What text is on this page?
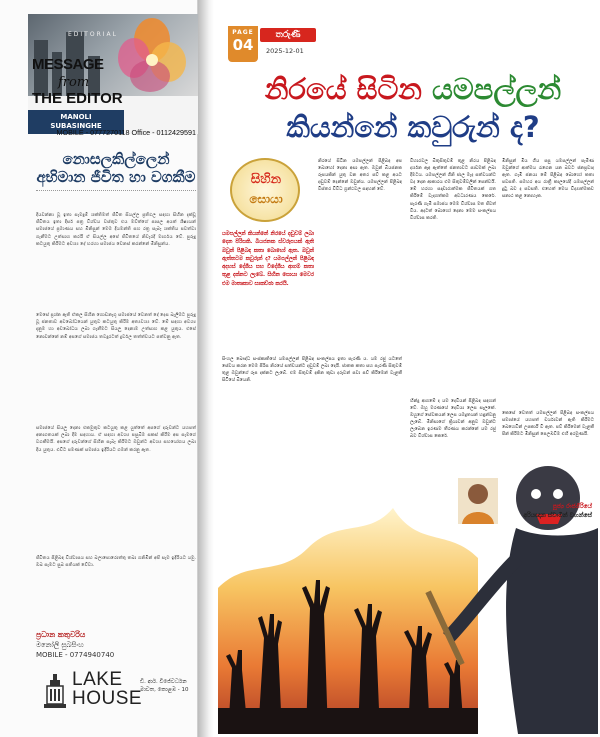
EDITORIAL
MESSAGE
from
THE EDITOR
MANOLI
SUBASINGHE
MOBILE - 0777270118 Office - 0112429591
නොසලකිල්ලෙන් අභිමාන ජීවිත හා වගකීම
දියවන්නා වූ ඉතා සැමදුම් ශක්තිමත් ජීවිත සියල්ල ප්‍රතිඵල සඳහා සිහින දැක්වූ ජීවිතය ඉතා දීර්ඝ පත්‍ර විශ්වය වස්තුව එය මව්ත්ගේ පාසල අයත් ශිෂ්‍යයන් සමාජයේ ප්‍රමාණය සහ මිනිසුන් මෙම දියමන්ති සහ රත්‍ර සැබෑ ශක්තිය පවත්වා ගැනීමට උත්සාහ කරයි ඒ සියල්ල අපේ ජීවිතයේ නිවැරදි මාර්ගය වේ. පුරුදු කටයුතු කිරීමට අවශ්‍ය දේ හරහා සමාජය වෙනස් කරන්නේ මිනිසුන්ය.
මෙසේ ප්‍රශ්න ඇති ඒකල සිහින ගොඩනැගූ සමාජයේ වෙනත් දේ දෙස බැලීමට පුරුදු වූ ජනතාව අවබෝධයෙන් යුතුව කටයුතු කිරීම අත්‍යවශ්‍ය වේ. මේ සඳහා අවශ්‍ය දැනුම හා අවබෝධය ලබා ගැනීමට සියලු දෙනාම උත්සාහ කළ යුතුය. එසේ නොවන්නේ නම් අපගේ සමාජය තවදුරටත් දුර්වල තත්ත්වයට පත්වනු ඇත.
සමාජයේ සියලු දෙනා එකමුතුව කටයුතු කළ යුත්තේ අපගේ දරුවන්ට යහපත් අනාගතයක් ලබා දීම සඳහාය. ඒ සඳහා අවශ්‍ය පසුබිම සකස් කිරීම අප සැමගේ වගකීමයි. අපගේ දරුවන්ගේ සිහින සැබෑ කිරීමට ඔවුන්ට අවශ්‍ය සහයෝගය ලබා දිය යුතුය. එවිට පමණක් සමාජය ඉදිරියට ගමන් කරනු ඇත.
ජීවිතය පිළිබඳ විශ්වාසය සහ බලාපොරොත්තු තබා ගනිමින් අපි සැම ඉදිරියට යමු. ඔබ සැමට සුබ සතියක් වේවා.
ප්‍රධාන කතුවරිය
මනෝලි සුබසිංහ
MOBILE - 0774940740
LAKE HOUSE
ඩී. ආර්. විජේවර්ධන මාවත, කොළඹ - 10
PAGE
04
තරුණී
2025-12-01
නිරයේ සිටින යමපල්ලන්
කියන්නේ කවුරුන් ද?
සිහින
සොයා
යමපල්ලන් කියන්නේ නිරයේ දඬුවම් ලබා දෙන පිරිසකි. බියජනක ස්වරූපයක් ඇති ඔවුන් පිළිබඳ කතා බොහෝ ඇත. ඔවුන් ඇත්තටම කවුරුන් ද? යමපල්ලන් පිළිබඳ අදහස් දේශීය සහ විදේශීය ආගම් කතා තුළ දක්නට ලැබේ. සිහින සොයා මෙවර එම මාතෘකාව සාකච්ඡා කරයි.
නිරයේ සිටින යමපල්ලන් පිළිබඳ අප බොහෝ දෙනා අසා ඇත. ඔවුන් බියජනක රූපයකින් යුතු වන අතර පව් කළ අයට දඬුවම් දෙන්නේ ඔවුන්ය. යමපල්ලන් පිළිබඳ විස්තර විවිධ ග්‍රන්ථවල සඳහන් වේ.
සිංහල බෞද්ධ සංස්කෘතියේ යමපල්ලන් පිළිබඳ සංකල්පය ඉතා පැරණි ය. යම රජු යටතේ සේවය කරන මෙම පිරිස නිරයේ සත්වයන්ට දඬුවම් ලබා දෙයි. ජාතක කතා සහ පැරණි සිතුවම් තුළ ඔවුන්ගේ රූප දක්නට ලැබේ. එම සිතුවම් දකින කුඩා දරුවන් පවා පව් කිරීමෙන් වැළකී සිටියේ බියෙනි.
විහාරවල බිතුසිතුවම් තුළ නිරය පිළිබඳ දර්ශන ඇඳ ඇත්තේ ජනතාවට පාඩමක් ලබා දීමටය. යමපල්ලන් ගිනි ජාල මැද සත්වයන්ට වද දෙන ආකාරය එම සිතුවම්වලින් පෙන්වයි. මේ හරහා සදාචාරාත්මක ජීවිතයක් ගත කිරීමේ වැදගත්කම අවධාරණය කෙරේ. පැරණි ගැමි සමාජය මෙම විශ්වාස මත ජීවත් විය. අදටත් බොහෝ දෙනා මෙම සංකල්පය විශ්වාස කරති.
හින්දු ආගමේ ද යම දෙවියන් පිළිබඳ සඳහන් වේ. ඔහු මරණයේ දෙවියා ලෙස සැලකේ. ඔහුගේ සේවකයන් ලෙස යමදූතයන් හඳුන්වනු ලැබේ. මිනිසාගේ ක්‍රියාවන් අනුව ඔවුන්ට ලැබෙන ඉරණම තීරණය කරන්නේ යම රජු බව විශ්වාස කෙරේ.
මිනිසුන් මිය ගිය පසු යමපල්ලන් පැමිණ ඔවුන්ගේ ආත්මය රැගෙන යන බවට ජනප්‍රවාද ඇත. ගැමි ජනයා මේ පිළිබඳ බොහෝ කතා පවසති. සමහර අය රාත්‍රී කාලයේදී යමපල්ලන් දුටු බව ද පවසති. එහෙත් මෙය විද්‍යාත්මකව සනාථ කළ නොහැක.
කෙසේ වෙතත් යමපල්ලන් පිළිබඳ සංකල්පය සමාජයේ යහපත් චර්යාවන් ඇති කිරීමට බෙහෙවින් උපකාරී වී ඇත. පව් කිරීමෙන් වැළකී පින් කිරීමට මිනිසුන් පෙලඹවීම එහි අරමුණයි.
පූජ්‍ය රාජගිරියේ
අරියඥාන ස්වාමීන් වහන්සේ
